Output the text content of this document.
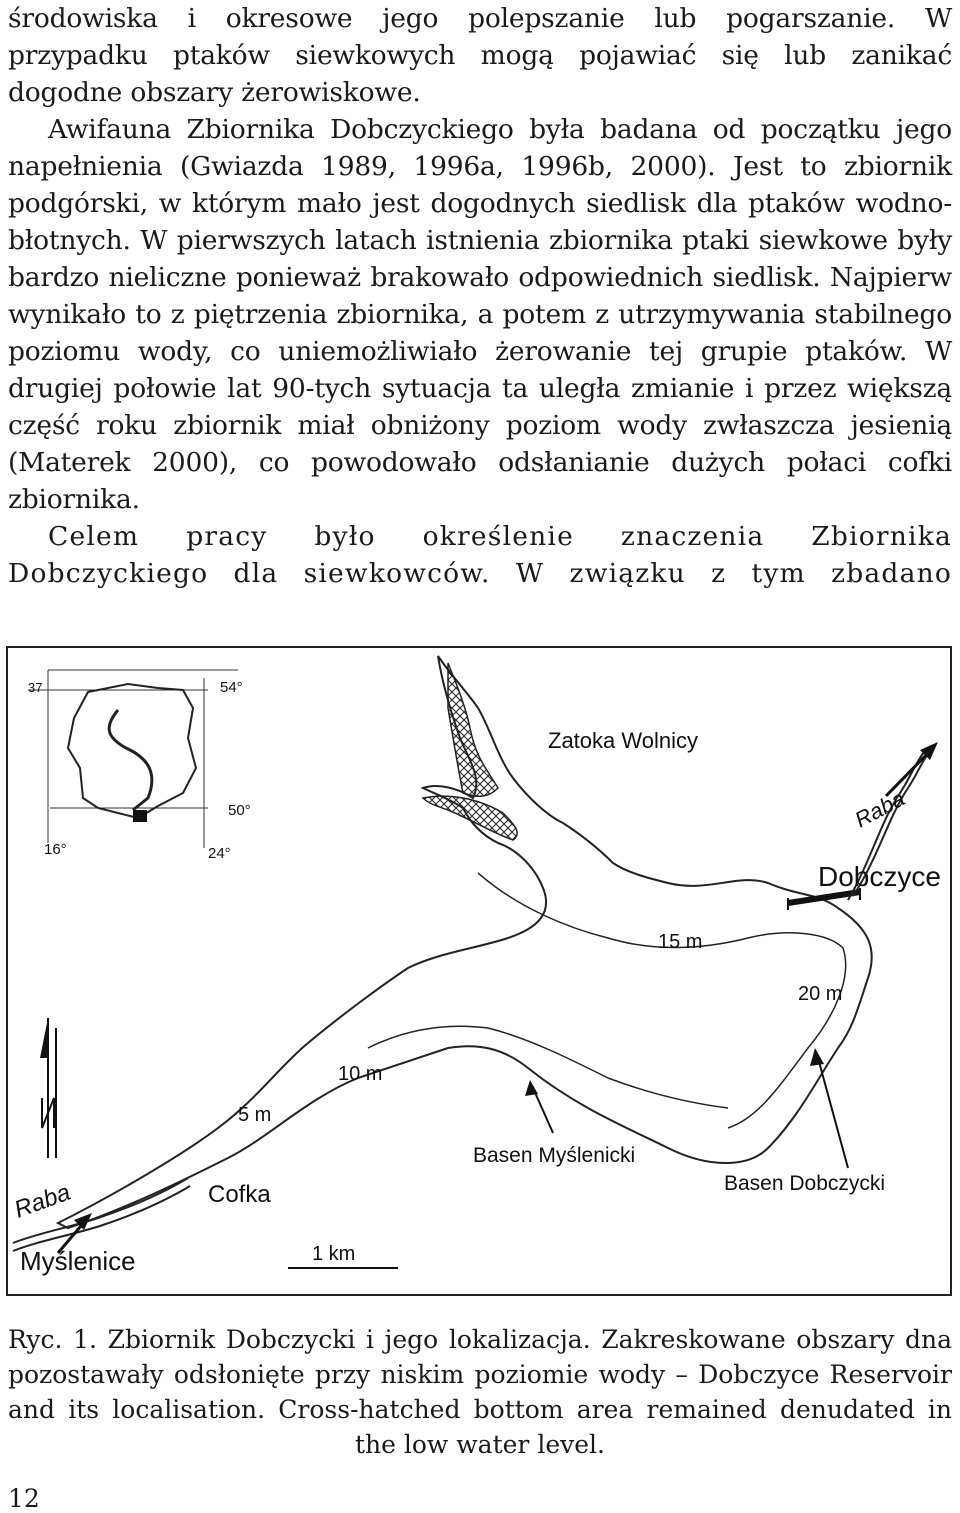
środowiska i okresowe jego polepszanie lub pogarszanie. W

przypadku ptaków siewkowych mogą pojawiać się lub zanikać

dogodne obszary żerowiskowe.

Awifauna Zbiornika Dobczyckiego była badana od początku jego napełnienia (Gwiazda 1989, 1996a, 1996b, 2000). Jest to zbiornik podgórski, w którym mało jest dogodnych siedlisk dla ptaków wodno-błotnych. W pierwszych latach istnienia zbiornika ptaki siewkowe były bardzo nieliczne ponieważ brakowało odpowiednich siedlisk. Najpierw wynikało to z piętrzenia zbiornika, a potem z utrzymywania stabilnego poziomu wody, co uniemożliwiało żerowanie tej grupie ptaków. W drugiej połowie lat 90-tych sytuacja ta uległa zmianie i przez większą część roku zbiornik miał obniżony poziom wody zwłaszcza jesienią (Materek 2000), co powodowało odsłanianie dużych połaci cofki zbiornika.

Celem pracy było określenie znaczenia Zbiornika Dobczyckiego dla siewkowców. W związku z tym zbadano

37	54°
50°
16°	24°
Zatoka Wolnicy
Raba
Dobczyce
15 m
20 m
10 m
5 m
Basen Myślenicki
Basen Dobczycki
Cofka
Raba
Myślenice	1 km
Ryc. 1. Zbiornik Dobczycki i jego lokalizacja. Zakreskowane obszary dna pozostawały odsłonięte przy niskim poziomie wody – Dobczyce Reservoir and its localisation. Cross-hatched bottom area remained denudated in the low water level.
12
